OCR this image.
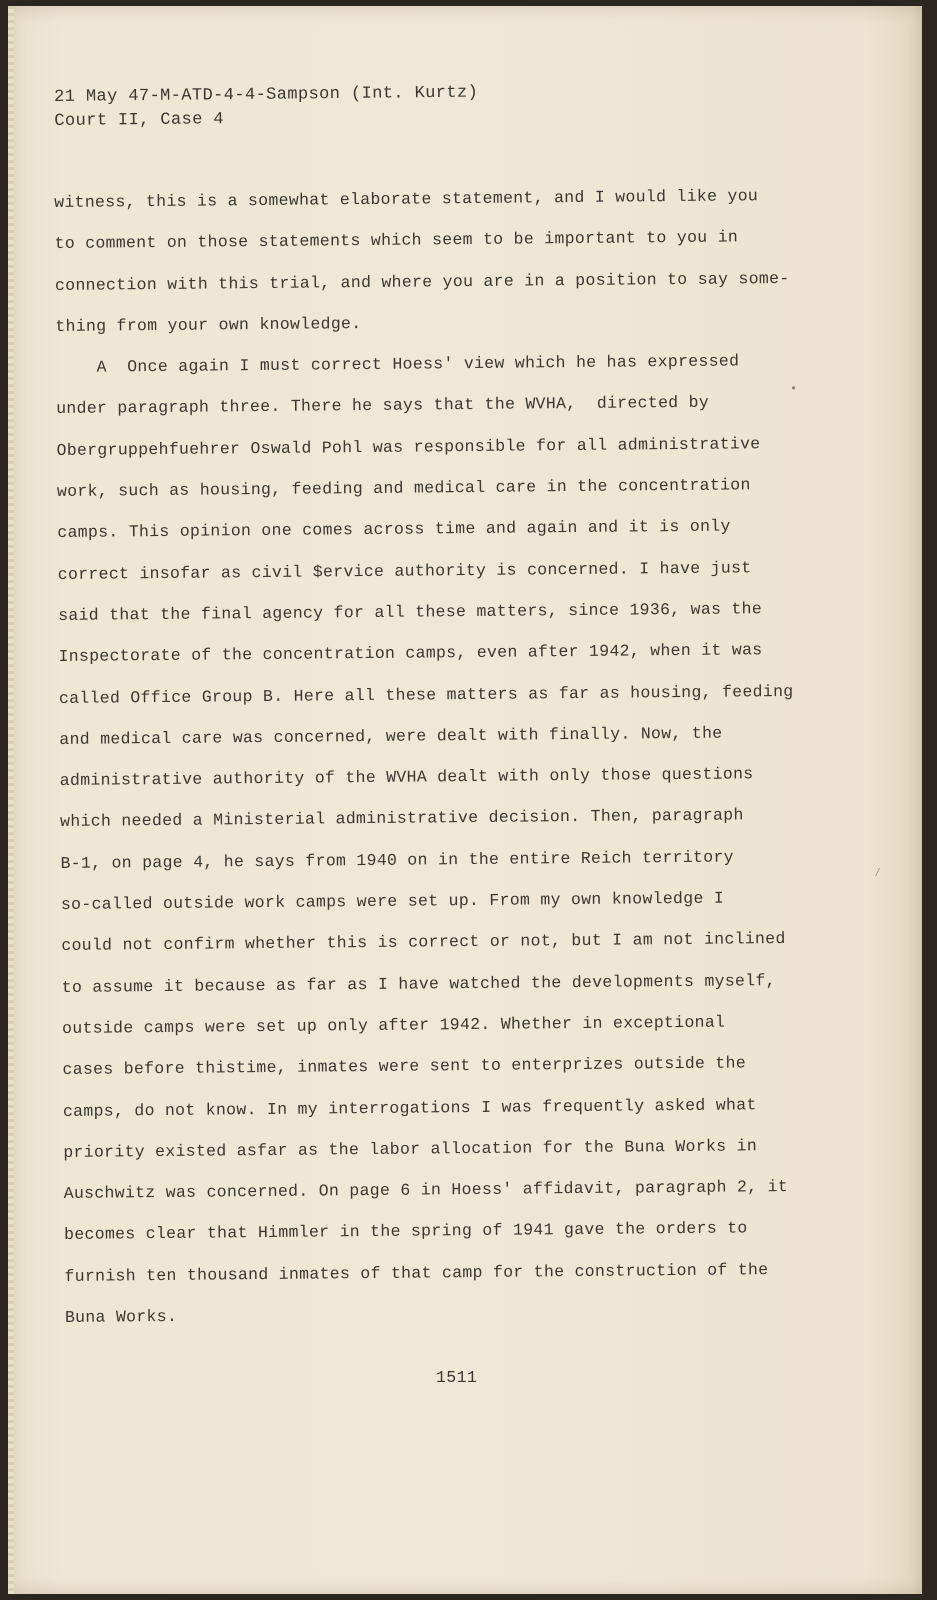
21 May 47-M-ATD-4-4-Sampson (Int. Kurtz)
Court II, Case 4
witness, this is a somewhat elaborate statement, and I would like you
to comment on those statements which seem to be important to you in
connection with this trial, and where you are in a position to say some-
thing from your own knowledge.
A  Once again I must correct Hoess' view which he has expressed
under paragraph three. There he says that the WVHA,  directed by
Obergruppehfuehrer Oswald Pohl was responsible for all administrative
work, such as housing, feeding and medical care in the concentration
camps. This opinion one comes across time and again and it is only
correct insofar as civil $ervice authority is concerned. I have just
said that the final agency for all these matters, since 1936, was the
Inspectorate of the concentration camps, even after 1942, when it was
called Office Group B. Here all these matters as far as housing, feeding
and medical care was concerned, were dealt with finally. Now, the
administrative authority of the WVHA dealt with only those questions
which needed a Ministerial administrative decision. Then, paragraph
B-1, on page 4, he says from 1940 on in the entire Reich territory
so-called outside work camps were set up. From my own knowledge I
could not confirm whether this is correct or not, but I am not inclined
to assume it because as far as I have watched the developments myself,
outside camps were set up only after 1942. Whether in exceptional
cases before thistime, inmates were sent to enterprizes outside the
camps, do not know. In my interrogations I was frequently asked what
priority existed asfar as the labor allocation for the Buna Works in
Auschwitz was concerned. On page 6 in Hoess' affidavit, paragraph 2, it
becomes clear that Himmler in the spring of 1941 gave the orders to
furnish ten thousand inmates of that camp for the construction of the
Buna Works.
1511
•
⁄
